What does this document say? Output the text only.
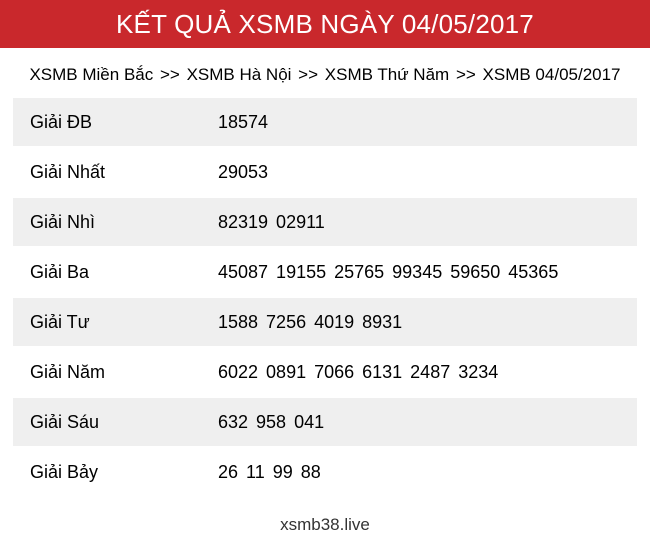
KẾT QUẢ XSMB NGÀY 04/05/2017
XSMB Miền Bắc >> XSMB Hà Nội >> XSMB Thứ Năm >> XSMB 04/05/2017
Giải ĐB	18574
Giải Nhất	29053
Giải Nhì	82319 02911
Giải Ba	45087 19155 25765 99345 59650 45365
Giải Tư	1588 7256 4019 8931
Giải Năm	6022 0891 7066 6131 2487 3234
Giải Sáu	632 958 041
Giải Bảy	26 11 99 88
xsmb38.live
